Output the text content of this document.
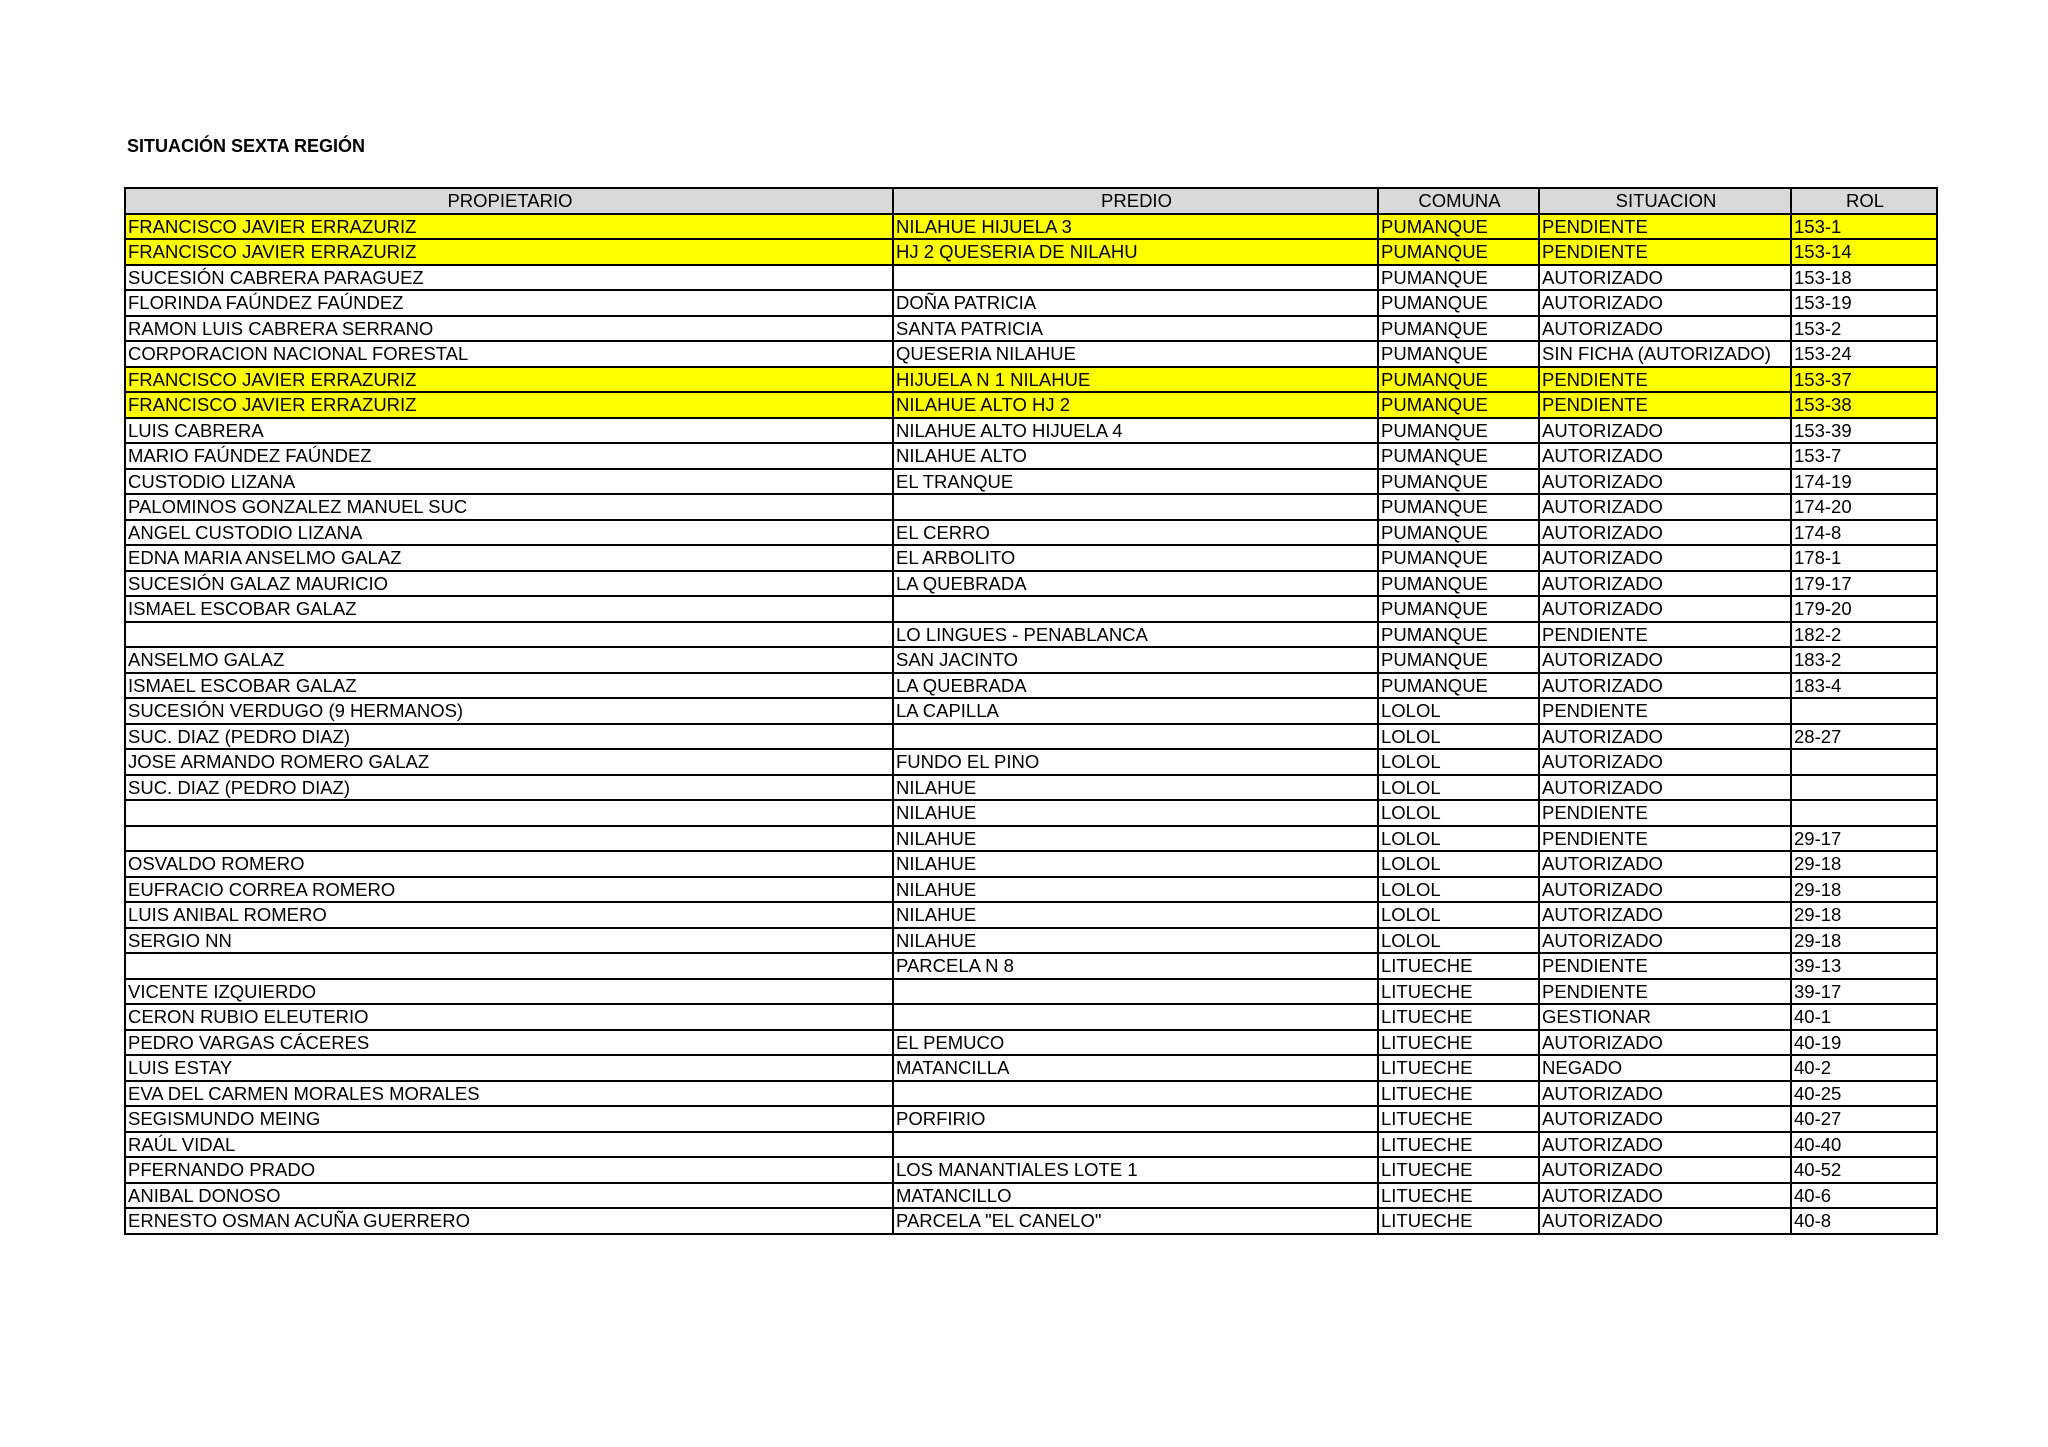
SITUACIÓN SEXTA REGIÓN
PROPIETARIO	PREDIO	COMUNA	SITUACION	ROL
FRANCISCO JAVIER ERRAZURIZ	NILAHUE HIJUELA 3	PUMANQUE	PENDIENTE	153-1
FRANCISCO JAVIER ERRAZURIZ	HJ 2 QUESERIA DE NILAHU	PUMANQUE	PENDIENTE	153-14
SUCESIÓN CABRERA PARAGUEZ		PUMANQUE	AUTORIZADO	153-18
FLORINDA FAÚNDEZ FAÚNDEZ	DOÑA PATRICIA	PUMANQUE	AUTORIZADO	153-19
RAMON LUIS CABRERA SERRANO	SANTA PATRICIA	PUMANQUE	AUTORIZADO	153-2
CORPORACION NACIONAL FORESTAL	QUESERIA NILAHUE	PUMANQUE	SIN FICHA (AUTORIZADO)	153-24
FRANCISCO JAVIER ERRAZURIZ	HIJUELA N 1 NILAHUE	PUMANQUE	PENDIENTE	153-37
FRANCISCO JAVIER ERRAZURIZ	NILAHUE ALTO HJ 2	PUMANQUE	PENDIENTE	153-38
LUIS CABRERA	NILAHUE ALTO HIJUELA 4	PUMANQUE	AUTORIZADO	153-39
MARIO FAÚNDEZ FAÚNDEZ	NILAHUE ALTO	PUMANQUE	AUTORIZADO	153-7
CUSTODIO LIZANA	EL TRANQUE	PUMANQUE	AUTORIZADO	174-19
PALOMINOS GONZALEZ MANUEL SUC		PUMANQUE	AUTORIZADO	174-20
ANGEL CUSTODIO LIZANA	EL CERRO	PUMANQUE	AUTORIZADO	174-8
EDNA MARIA ANSELMO GALAZ	EL ARBOLITO	PUMANQUE	AUTORIZADO	178-1
SUCESIÓN GALAZ MAURICIO	LA QUEBRADA	PUMANQUE	AUTORIZADO	179-17
ISMAEL ESCOBAR GALAZ		PUMANQUE	AUTORIZADO	179-20
	LO LINGUES - PENABLANCA	PUMANQUE	PENDIENTE	182-2
ANSELMO GALAZ	SAN JACINTO	PUMANQUE	AUTORIZADO	183-2
ISMAEL ESCOBAR GALAZ	LA QUEBRADA	PUMANQUE	AUTORIZADO	183-4
SUCESIÓN VERDUGO (9 HERMANOS)	LA CAPILLA	LOLOL	PENDIENTE	
SUC. DIAZ (PEDRO DIAZ)		LOLOL	AUTORIZADO	28-27
JOSE ARMANDO ROMERO GALAZ	FUNDO EL PINO	LOLOL	AUTORIZADO	
SUC. DIAZ (PEDRO DIAZ)	NILAHUE	LOLOL	AUTORIZADO	
	NILAHUE	LOLOL	PENDIENTE	
	NILAHUE	LOLOL	PENDIENTE	29-17
OSVALDO ROMERO	NILAHUE	LOLOL	AUTORIZADO	29-18
EUFRACIO CORREA ROMERO	NILAHUE	LOLOL	AUTORIZADO	29-18
LUIS ANIBAL ROMERO	NILAHUE	LOLOL	AUTORIZADO	29-18
SERGIO NN	NILAHUE	LOLOL	AUTORIZADO	29-18
	PARCELA N 8	LITUECHE	PENDIENTE	39-13
VICENTE IZQUIERDO		LITUECHE	PENDIENTE	39-17
CERON RUBIO ELEUTERIO		LITUECHE	GESTIONAR	40-1
PEDRO VARGAS CÁCERES	EL PEMUCO	LITUECHE	AUTORIZADO	40-19
LUIS ESTAY	MATANCILLA	LITUECHE	NEGADO	40-2
EVA DEL CARMEN MORALES MORALES		LITUECHE	AUTORIZADO	40-25
SEGISMUNDO MEING	PORFIRIO	LITUECHE	AUTORIZADO	40-27
RAÚL VIDAL		LITUECHE	AUTORIZADO	40-40
PFERNANDO PRADO	LOS MANANTIALES LOTE 1	LITUECHE	AUTORIZADO	40-52
ANIBAL DONOSO	MATANCILLO	LITUECHE	AUTORIZADO	40-6
ERNESTO OSMAN ACUÑA GUERRERO	PARCELA "EL CANELO"	LITUECHE	AUTORIZADO	40-8
